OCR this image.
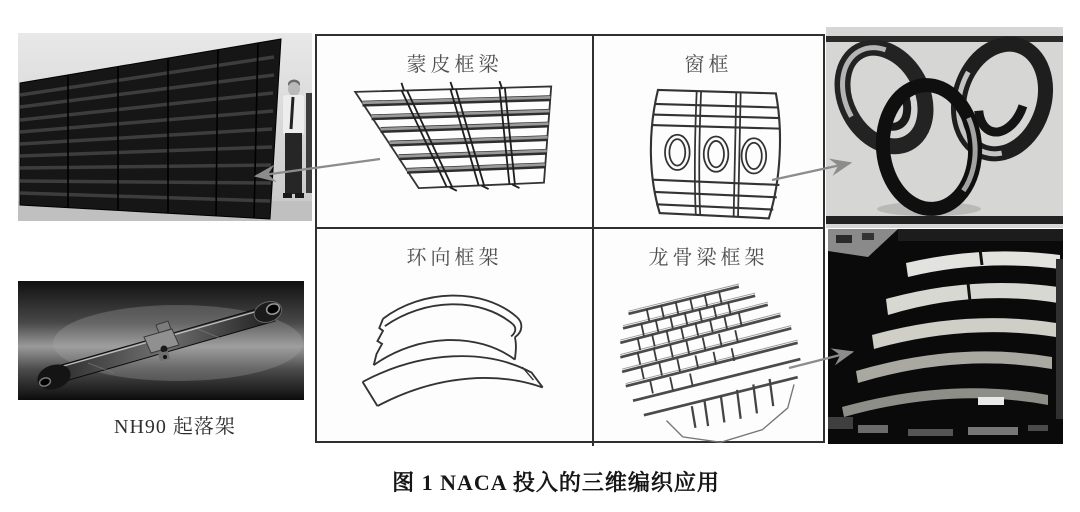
NH90 起落架
蒙皮框梁	窗框
环向框架	龙骨梁框架
图 1 NACA 投入的三维编织应用
